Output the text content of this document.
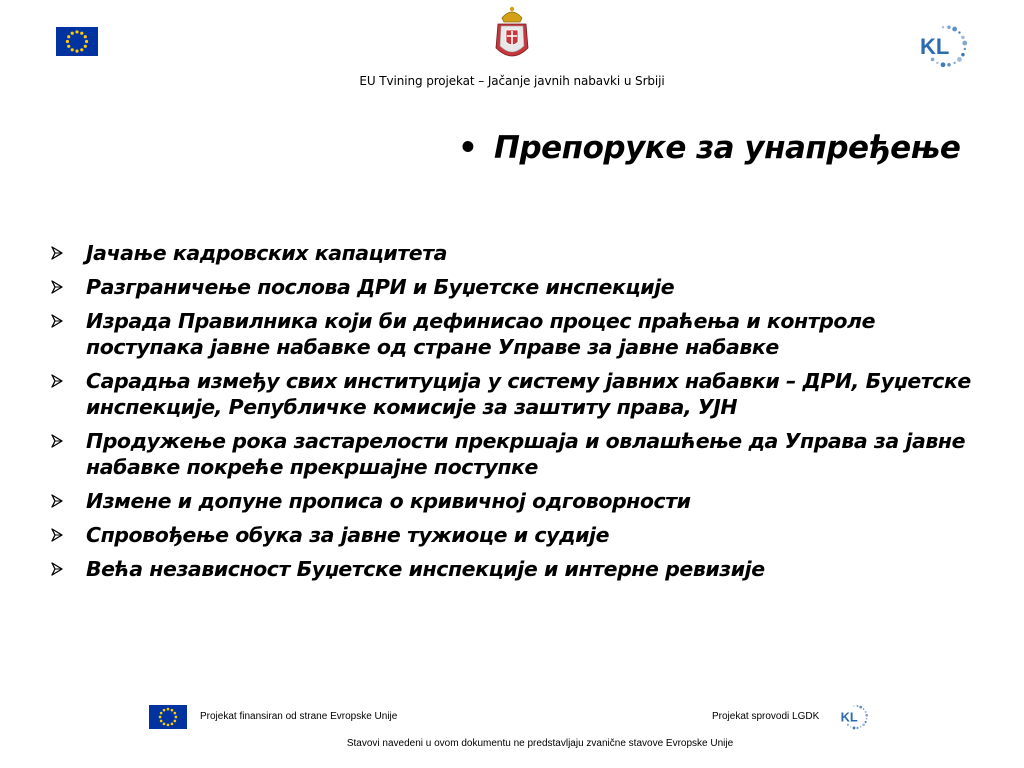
KL
EU Tvining projekat – Jačanje javnih nabavki u Srbiji
• Препоруке за унапређење
Јачање кадровских капацитета
Разграничење послова ДРИ и Буџетске инспекције
Израда Правилника који би дефинисао процес праћења и контроле поступака јавне набавке од стране Управе за јавне набавке
Сарадња између свих институција у систему јавних набавки – ДРИ, Буџетске инспекције, Републичке комисије за заштиту права, УЈН
Продужење рока застарелости прекршаја и овлашћење да Управа за јавне набавке покреће прекршајне поступке
Измене и допуне прописа о кривичној одговорности
Спровођење обука за јавне тужиоце и судије
Већа независност Буџетске инспекције и интерне ревизије
Projekat finansiran od strane Evropske Unije	Projekat sprovodi LGDK KL
Stavovi navedeni u ovom dokumentu ne predstavljaju zvanične stavove Evropske Unije
